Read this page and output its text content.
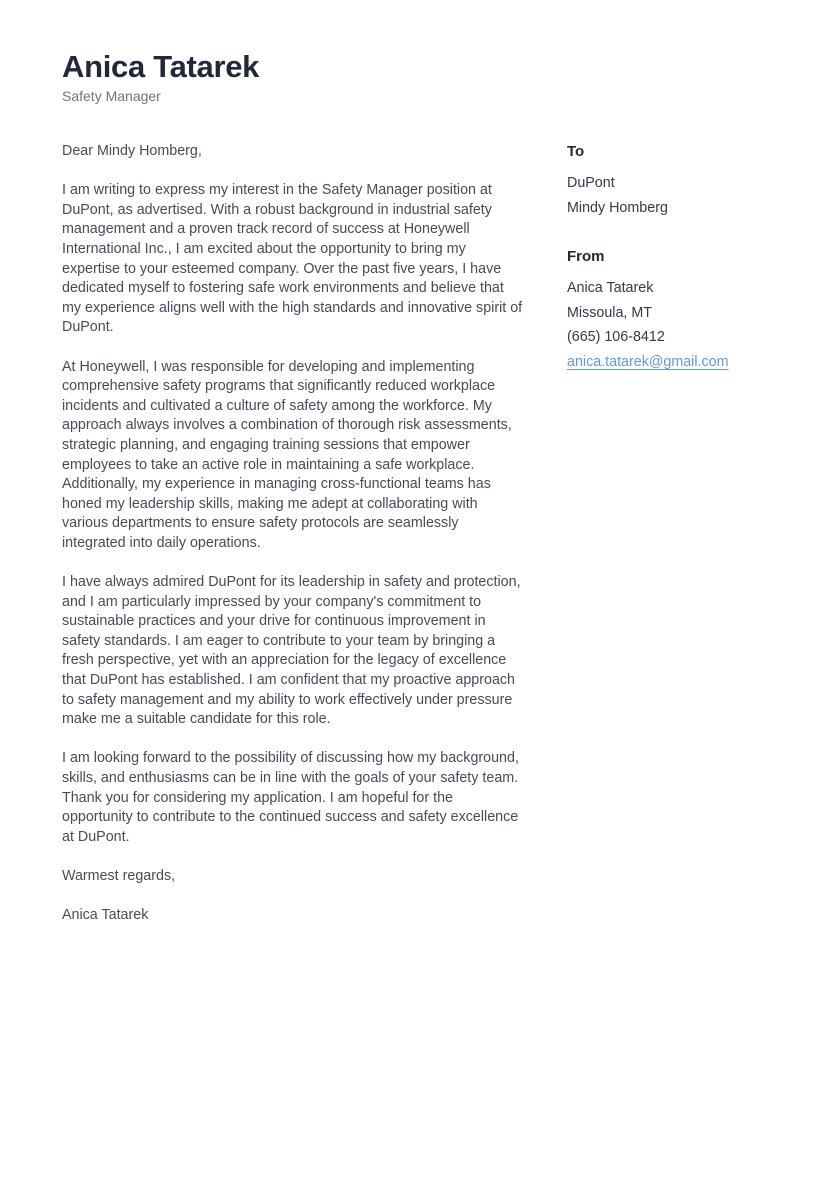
Anica Tatarek
Safety Manager

Dear Mindy Homberg,

I am writing to express my interest in the Safety Manager position at DuPont, as advertised. With a robust background in industrial safety management and a proven track record of success at Honeywell International Inc., I am excited about the opportunity to bring my expertise to your esteemed company. Over the past five years, I have dedicated myself to fostering safe work environments and believe that my experience aligns well with the high standards and innovative spirit of DuPont.

At Honeywell, I was responsible for developing and implementing comprehensive safety programs that significantly reduced workplace incidents and cultivated a culture of safety among the workforce. My approach always involves a combination of thorough risk assessments, strategic planning, and engaging training sessions that empower employees to take an active role in maintaining a safe workplace. Additionally, my experience in managing cross-functional teams has honed my leadership skills, making me adept at collaborating with various departments to ensure safety protocols are seamlessly integrated into daily operations.

I have always admired DuPont for its leadership in safety and protection, and I am particularly impressed by your company's commitment to sustainable practices and your drive for continuous improvement in safety standards. I am eager to contribute to your team by bringing a fresh perspective, yet with an appreciation for the legacy of excellence that DuPont has established. I am confident that my proactive approach to safety management and my ability to work effectively under pressure make me a suitable candidate for this role.

I am looking forward to the possibility of discussing how my background, skills, and enthusiasms can be in line with the goals of your safety team. Thank you for considering my application. I am hopeful for the opportunity to contribute to the continued success and safety excellence at DuPont.

Warmest regards,

Anica Tatarek

To
DuPont
Mindy Homberg
From
Anica Tatarek
Missoula, MT
(665) 106-8412
anica.tatarek@gmail.com
